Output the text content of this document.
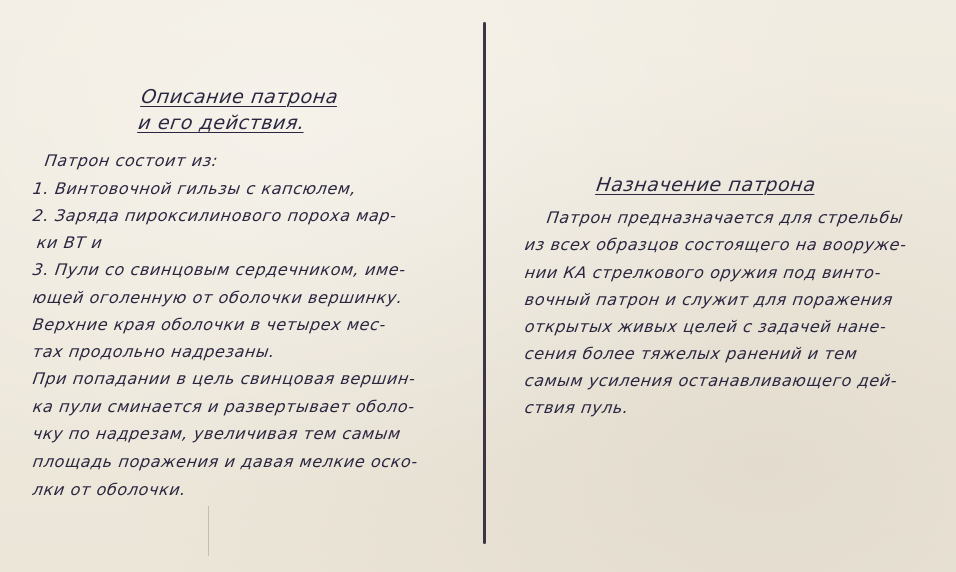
Описание патрона
и его действия.
Патрон состоит из:
1. Винтовочной гильзы с капсюлем,
2. Заряда пироксилинового пороха мар-
ки ВТ и
3. Пули со свинцовым сердечником, име-
ющей оголенную от оболочки вершинку.
Верхние края оболочки в четырех мес-
тах продольно надрезаны.
При попадании в цель свинцовая вершин-
ка пули сминается и развертывает оболо-
чку по надрезам, увеличивая тем самым
площадь поражения и давая мелкие оско-
лки от оболочки.
Назначение патрона
Патрон предназначается для стрельбы
из всех образцов состоящего на вооруже-
нии КА стрелкового оружия под винто-
вочный патрон и служит для поражения
открытых живых целей с задачей нане-
сения более тяжелых ранений и тем
самым усиления останавливающего дей-
ствия пуль.
